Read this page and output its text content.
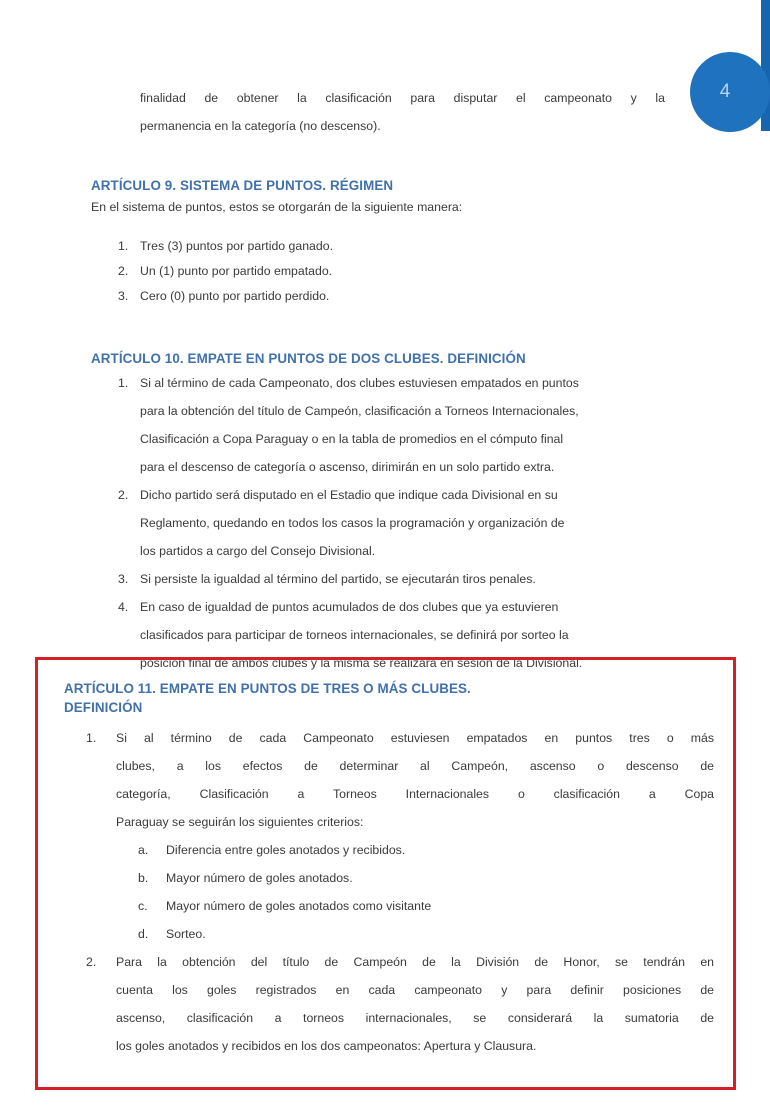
4
finalidad de obtener la clasificación para disputar el campeonato y la
permanencia en la categoría (no descenso).
ARTÍCULO 9. SISTEMA DE PUNTOS. RÉGIMEN
En el sistema de puntos, estos se otorgarán de la siguiente manera:
1. Tres (3) puntos por partido ganado.
2. Un (1) punto por partido empatado.
3. Cero (0) punto por partido perdido.
ARTÍCULO 10. EMPATE EN PUNTOS DE DOS CLUBES. DEFINICIÓN
1. Si al término de cada Campeonato, dos clubes estuviesen empatados en puntos
para la obtención del título de Campeón, clasificación a Torneos Internacionales,
Clasificación a Copa Paraguay o en la tabla de promedios en el cómputo final
para el descenso de categoría o ascenso, dirimirán en un solo partido extra.
2. Dicho partido será disputado en el Estadio que indique cada Divisional en su
Reglamento, quedando en todos los casos la programación y organización de
los partidos a cargo del Consejo Divisional.
3. Si persiste la igualdad al término del partido, se ejecutarán tiros penales.
4. En caso de igualdad de puntos acumulados de dos clubes que ya estuvieren
clasificados para participar de torneos internacionales, se definirá por sorteo la
posición final de ambos clubes y la misma se realizará en sesión de la Divisional.
ARTÍCULO 11. EMPATE EN PUNTOS DE TRES O MÁS CLUBES.
DEFINICIÓN
1.	Si al término de cada Campeonato estuviesen empatados en puntos tres o más
clubes, a los efectos de determinar al Campeón, ascenso o descenso de
categoría, Clasificación a Torneos Internacionales o clasificación a Copa
Paraguay se seguirán los siguientes criterios:
a.	Diferencia entre goles anotados y recibidos.
b.	Mayor número de goles anotados.
c.	Mayor número de goles anotados como visitante
d.	Sorteo.
2.	Para la obtención del título de Campeón de la División de Honor, se tendrán en
cuenta los goles registrados en cada campeonato y para definir posiciones de
ascenso, clasificación a torneos internacionales, se considerará la sumatoria de
los goles anotados y recibidos en los dos campeonatos: Apertura y Clausura.
